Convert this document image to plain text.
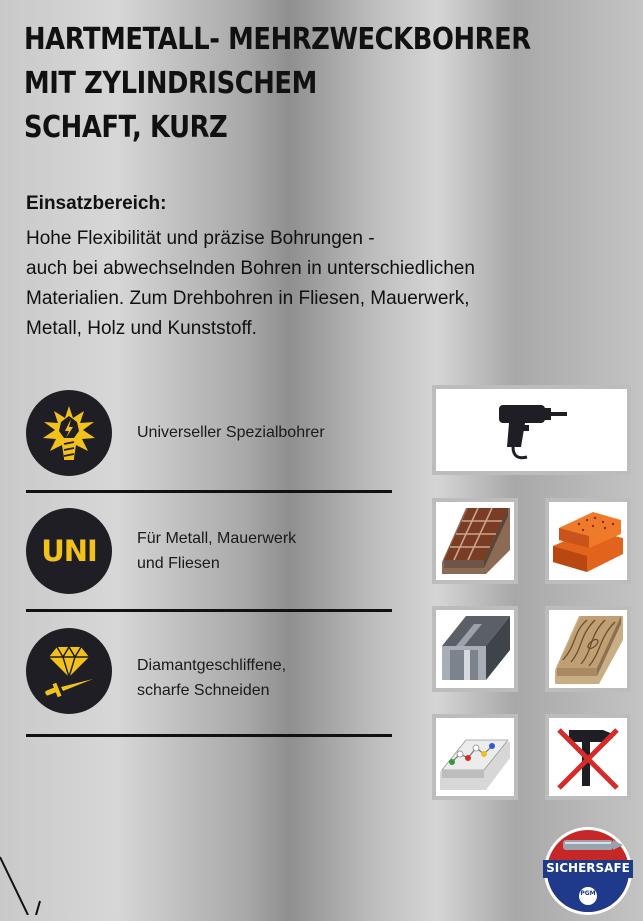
HARTMETALL- MEHRZWECKBOHRER
MIT ZYLINDRISCHEM
SCHAFT, KURZ
Einsatzbereich:
Hohe Flexibilität und präzise Bohrungen -
auch bei abwechselnden Bohren in unterschiedlichen
Materialien. Zum Drehbohren in Fliesen, Mauerwerk,
Metall, Holz und Kunststoff.
Universeller Spezialbohrer
UNI	Für Metall, Mauerwerk
und Fliesen
Diamantgeschliffene,
scharfe Schneiden
SICHERSAFE
PGM
